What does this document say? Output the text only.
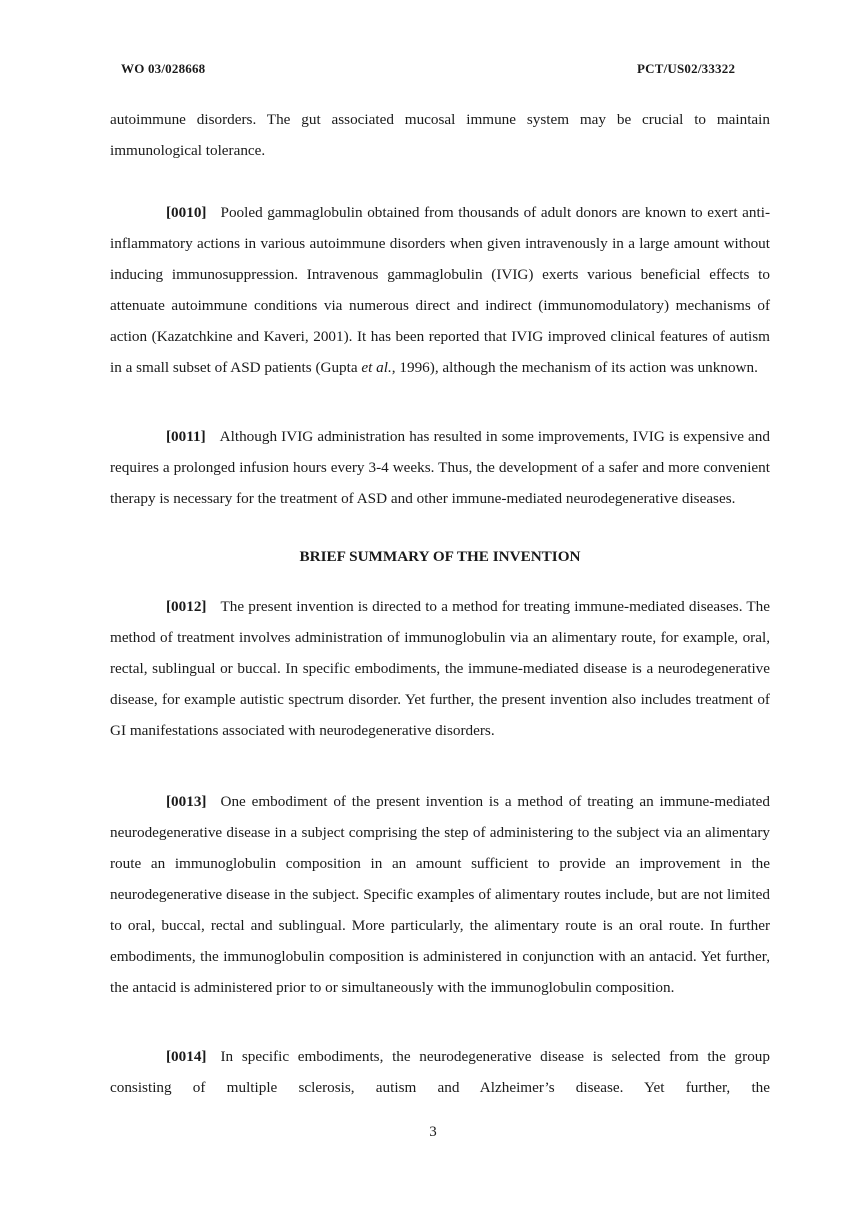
WO 03/028668	PCT/US02/33322

autoimmune disorders. The gut associated mucosal immune system may be crucial to maintain immunological tolerance.

[0010] Pooled gammaglobulin obtained from thousands of adult donors are known to exert anti-inflammatory actions in various autoimmune disorders when given intravenously in a large amount without inducing immunosuppression. Intravenous gammaglobulin (IVIG) exerts various beneficial effects to attenuate autoimmune conditions via numerous direct and indirect (immunomodulatory) mechanisms of action (Kazatchkine and Kaveri, 2001). It has been reported that IVIG improved clinical features of autism in a small subset of ASD patients (Gupta et al., 1996), although the mechanism of its action was unknown.

[0011] Although IVIG administration has resulted in some improvements, IVIG is expensive and requires a prolonged infusion hours every 3-4 weeks. Thus, the development of a safer and more convenient therapy is necessary for the treatment of ASD and other immune-mediated neurodegenerative diseases.

BRIEF SUMMARY OF THE INVENTION

[0012] The present invention is directed to a method for treating immune-mediated diseases. The method of treatment involves administration of immunoglobulin via an alimentary route, for example, oral, rectal, sublingual or buccal. In specific embodiments, the immune-mediated disease is a neurodegenerative disease, for example autistic spectrum disorder. Yet further, the present invention also includes treatment of GI manifestations associated with neurodegenerative disorders.

[0013] One embodiment of the present invention is a method of treating an immune-mediated neurodegenerative disease in a subject comprising the step of administering to the subject via an alimentary route an immunoglobulin composition in an amount sufficient to provide an improvement in the neurodegenerative disease in the subject. Specific examples of alimentary routes include, but are not limited to oral, buccal, rectal and sublingual. More particularly, the alimentary route is an oral route. In further embodiments, the immunoglobulin composition is administered in conjunction with an antacid. Yet further, the antacid is administered prior to or simultaneously with the immunoglobulin composition.

[0014] In specific embodiments, the neurodegenerative disease is selected from the group consisting of multiple sclerosis, autism and Alzheimer’s disease. Yet further, the

3
